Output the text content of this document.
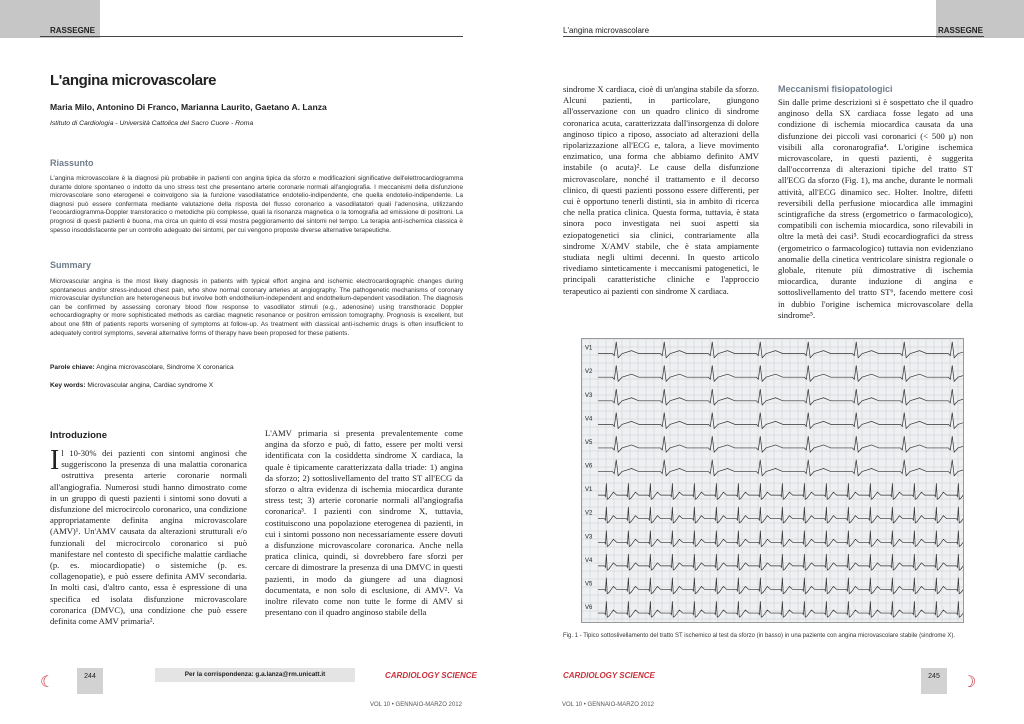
RASSEGNE
L'angina microvascolare
Maria Milo, Antonino Di Franco, Marianna Laurito, Gaetano A. Lanza
Istituto di Cardiologia - Università Cattolica del Sacro Cuore - Roma
Riassunto
L'angina microvascolare è la diagnosi più probabile in pazienti con angina tipica da sforzo e modificazioni significative dell'elettrocardiogramma durante dolore spontaneo o indotto da uno stress test che presentano arterie coronarie normali all'angiografia. I meccanismi della disfunzione microvascolare sono eterogenei e coinvolgono sia la funzione vasodilatatrice endotelio-indipendente, che quella endotelio-indipendente. La diagnosi può essere confermata mediante valutazione della risposta del flusso coronarico a vasodilatatori quali l'adenosina, utilizzando l'ecocardiogramma-Doppler transtoracico o metodiche più complesse, quali la risonanza magnetica o la tomografia ad emissione di positroni. La prognosi di questi pazienti è buona, ma circa un quinto di essi mostra peggioramento dei sintomi nel tempo. La terapia anti-ischemica classica è spesso insoddisfacente per un controllo adeguato dei sintomi, per cui vengono proposte diverse alternative terapeutiche.
Summary
Microvascular angina is the most likely diagnosis in patients with typical effort angina and ischemic electrocardiographic changes during spontaneous and/or stress-induced chest pain, who show normal coronary arteries at angiography. The pathogenetic mechanisms of coronary microvascular dysfunction are heterogeneous but involve both endothelium-independent and endothelium-dependent vasodilation. The diagnosis can be confirmed by assessing coronary blood flow response to vasodilator stimuli (e.g., adenosine) using transthoracic Doppler echocardiography or more sophisticated methods as cardiac magnetic resonance or positron emission tomography. Prognosis is excellent, but about one fifth of patients reports worsening of symptoms at follow-up. As treatment with classical anti-ischemic drugs is often insufficient to adequately control symptoms, several alternative forms of therapy have been proposed for these patients.
Parole chiave: Angina microvascolare, Sindrome X coronarica
Key words: Microvascular angina, Cardiac syndrome X
Introduzione
Il 10-30% dei pazienti con sintomi anginosi che suggeriscono la presenza di una malattia coronarica ostruttiva presenta arterie coronarie normali all'angiografia. Numerosi studi hanno dimostrato come in un gruppo di questi pazienti i sintomi sono dovuti a disfunzione del microcircolo coronarico, una condizione appropriatamente definita angina microvascolare (AMV)¹. Un'AMV causata da alterazioni strutturali e/o funzionali del microcircolo coronarico si può manifestare nel contesto di specifiche malattie cardiache (p. es. miocardiopatie) o sistemiche (p. es. collagenopatie), e può essere definita AMV secondaria. In molti casi, d'altro canto, essa è espressione di una specifica ed isolata disfunzione microvascolare coronarica (DMVC), una condizione che può essere definita come AMV primaria².
L'AMV primaria si presenta prevalentemente come angina da sforzo e può, di fatto, essere per molti versi identificata con la cosiddetta sindrome X cardiaca, la quale è tipicamente caratterizzata dalla triade: 1) angina da sforzo; 2) sottoslivellamento del tratto ST all'ECG da sforzo o altra evidenza di ischemia miocardica durante stress test; 3) arterie coronarie normali all'angiografia coronarica³. I pazienti con sindrome X, tuttavia, costituiscono una popolazione eterogenea di pazienti, in cui i sintomi possono non necessariamente essere dovuti a disfunzione microvascolare coronarica. Anche nella pratica clinica, quindi, si dovrebbero fare sforzi per cercare di dimostrare la presenza di una DMVC in questi pazienti, in modo da giungere ad una diagnosi documentata, e non solo di esclusione, di AMV². Va inoltre rilevato come non tutte le forme di AMV si presentano con il quadro anginoso stabile della
☾	244	Per la corrispondenza: g.a.lanza@rm.unicatt.it	CARDIOLOGY SCIENCE
VOL 10 • GENNAIO-MARZO 2012
L'angina microvascolare	RASSEGNE
sindrome X cardiaca, cioè di un'angina stabile da sforzo. Alcuni pazienti, in particolare, giungono all'osservazione con un quadro clinico di sindrome coronarica acuta, caratterizzata dall'insorgenza di dolore anginoso tipico a riposo, associato ad alterazioni della ripolarizzazione all'ECG e, talora, a lieve movimento enzimatico, una forma che abbiamo definito AMV instabile (o acuta)². Le cause della disfunzione microvascolare, nonché il trattamento e il decorso clinico, di questi pazienti possono essere differenti, per cui è opportuno tenerli distinti, sia in ambito di ricerca che nella pratica clinica. Questa forma, tuttavia, è stata sinora poco investigata nei suoi aspetti sia eziopatogenetici sia clinici, contrariamente alla sindrome X/AMV stabile, che è stata ampiamente studiata negli ultimi decenni. In questo articolo rivediamo sinteticamente i meccanismi patogenetici, le principali caratteristiche cliniche e l'approccio terapeutico ai pazienti con sindrome X cardiaca.
Meccanismi fisiopatologici
Sin dalle prime descrizioni si è sospettato che il quadro anginoso della SX cardiaca fosse legato ad una condizione di ischemia miocardica causata da una disfunzione dei piccoli vasi coronarici (< 500 μ) non visibili alla coronarografia⁴. L'origine ischemica microvascolare, in questi pazienti, è suggerita dall'occorrenza di alterazioni tipiche del tratto ST all'ECG da sforzo (Fig. 1), ma anche, durante le normali attività, all'ECG dinamico sec. Holter. Inoltre, difetti reversibili della perfusione miocardica alle immagini scintigrafiche da stress (ergometrico o farmacologico), compatibili con ischemia miocardica, sono rilevabili in oltre la metà dei casi⁵. Studi ecocardiografici da stress (ergometrico o farmacologico) tuttavia non evidenziano anomalie della cinetica ventricolare sinistra regionale o globale, ritenute più dimostrative di ischemia miocardica, durante induzione di angina e sottoslivellamento del tratto ST⁶, facendo mettere così in dubbio l'origine ischemica microvascolare della sindrome⁵.
V1
V2
V3
V4
V5
V6
V1
V2
V3
V4
V5
V6
Fig. 1 - Tipico sottoslivellamento del tratto ST ischemico al test da sforzo (in basso) in una paziente con angina microvascolare stabile (sindrome X).
CARDIOLOGY SCIENCE	245
VOL 10 • GENNAIO-MARZO 2012
☽
